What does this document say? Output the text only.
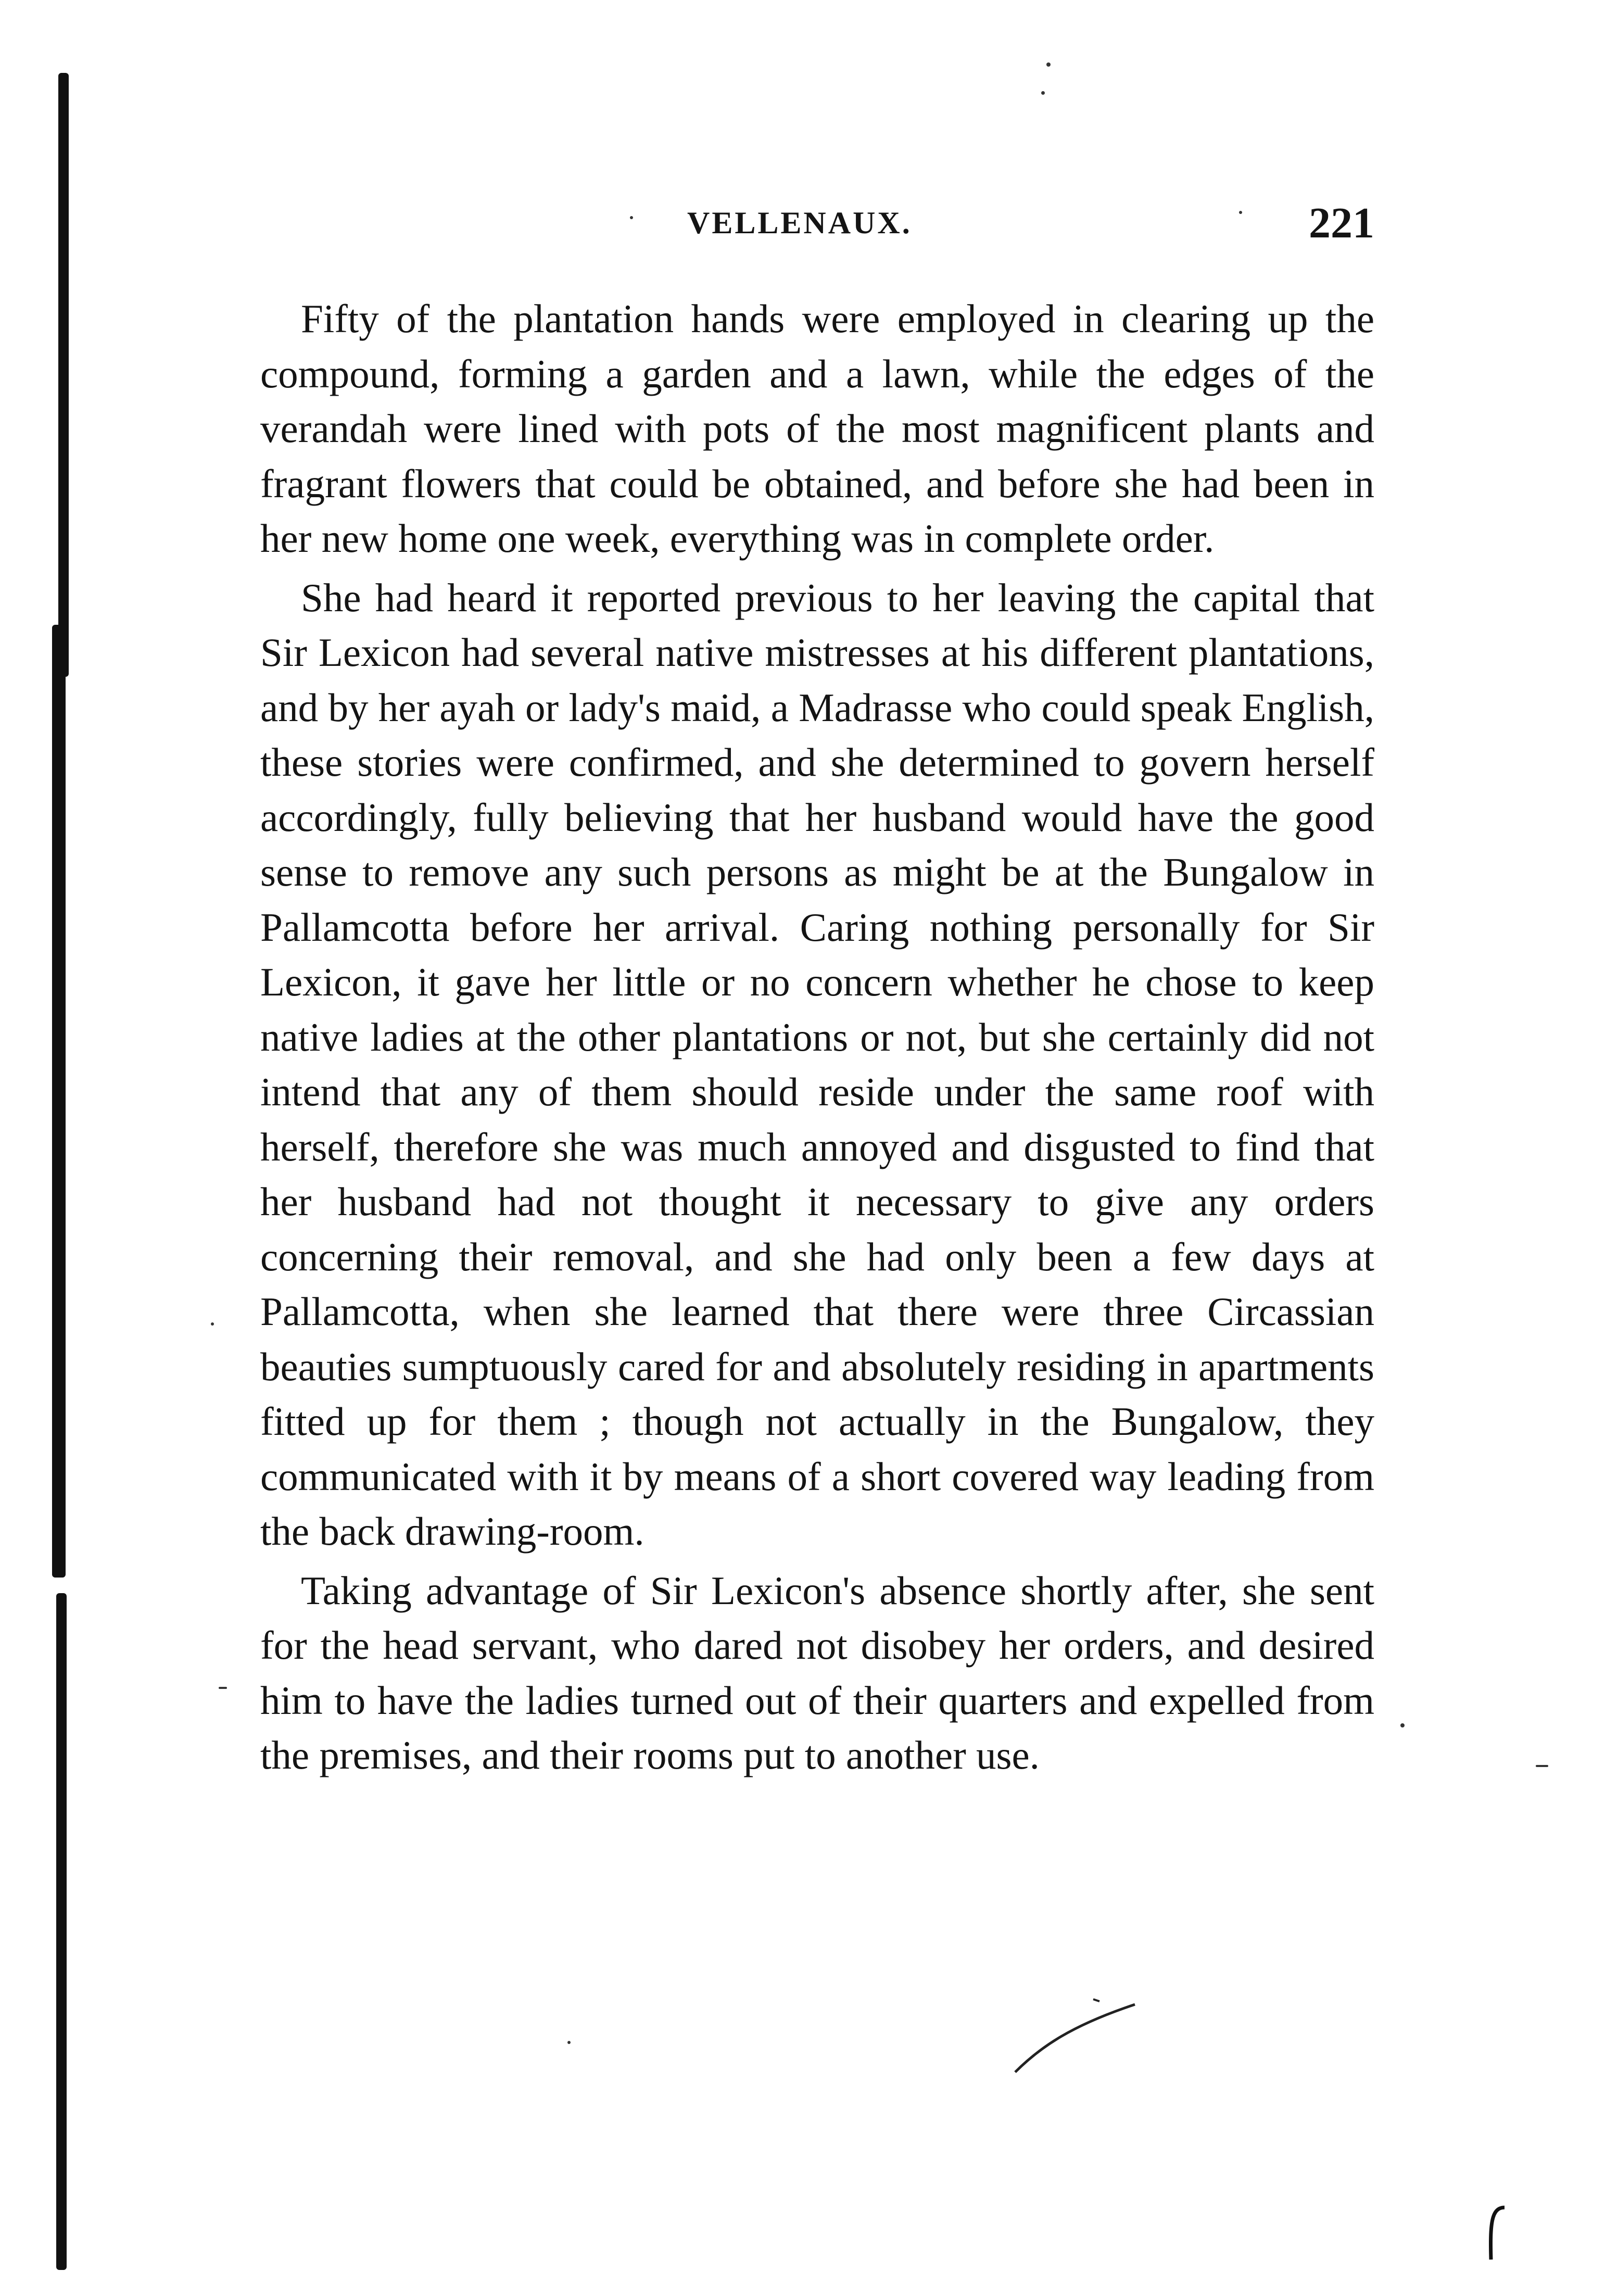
VELLENAUX.	221

Fifty of the plantation hands were employed in clearing up the compound, forming a garden and a lawn, while the edges of the verandah were lined with pots of the most magnificent plants and fragrant flowers that could be obtained, and before she had been in her new home one week, everything was in complete order.

She had heard it reported previous to her leaving the capital that Sir Lexicon had several native mistresses at his different plantations, and by her ayah or lady's maid, a Madrasse who could speak English, these stories were confirmed, and she determined to govern herself accordingly, fully believing that her husband would have the good sense to remove any such persons as might be at the Bungalow in Pallamcotta before her arrival. Caring nothing personally for Sir Lexicon, it gave her little or no concern whether he chose to keep native ladies at the other plantations or not, but she certainly did not intend that any of them should reside under the same roof with herself, therefore she was much annoyed and disgusted to find that her husband had not thought it necessary to give any orders concerning their removal, and she had only been a few days at Pallamcotta, when she learned that there were three Circassian beauties sumptuously cared for and absolutely residing in apartments fitted up for them ; though not actually in the Bungalow, they communicated with it by means of a short covered way leading from the back drawing-room.

Taking advantage of Sir Lexicon's absence shortly after, she sent for the head servant, who dared not disobey her orders, and desired him to have the ladies turned out of their quarters and expelled from the premises, and their rooms put to another use.
